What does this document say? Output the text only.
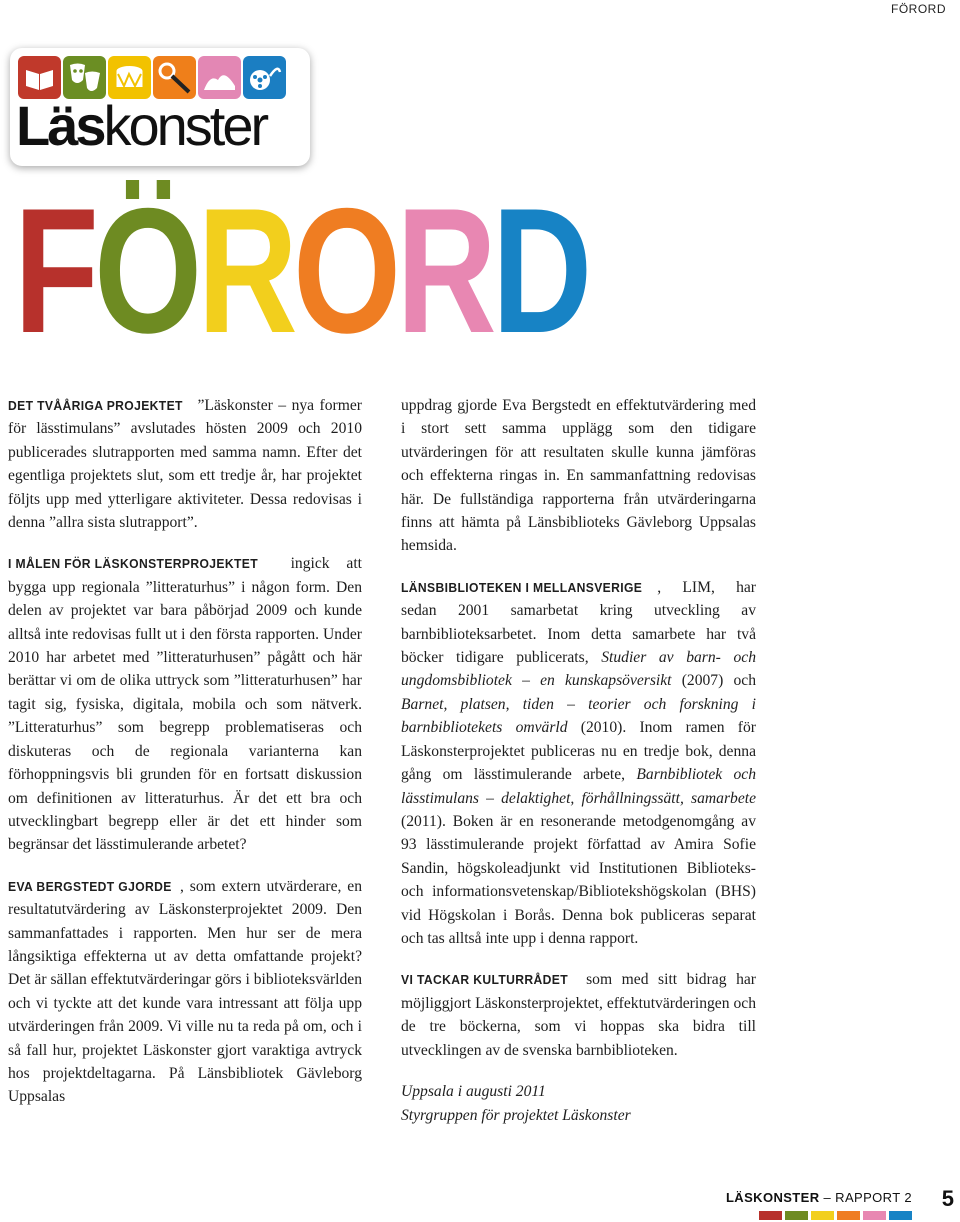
FÖRORD
Läskonster
F Ö R O R D

DET TVÅÅRIGA PROJEKTET ”Läskonster – nya former för lässtimulans” avslutades hösten 2009 och 2010 publicerades slutrapporten med samma namn. Efter det egentliga projektets slut, som ett tredje år, har projektet följts upp med ytterligare aktiviteter. Dessa redovisas i denna ”allra sista slutrapport”.

I MÅLEN FÖR LÄSKONSTERPROJEKTET ingick att bygga upp regionala ”litteraturhus” i någon form. Den delen av projektet var bara påbörjad 2009 och kunde alltså inte redovisas fullt ut i den första rapporten. Under 2010 har arbetet med ”litteraturhusen” pågått och här berättar vi om de olika uttryck som ”litteraturhusen” har tagit sig, fysiska, digitala, mobila och som nätverk. ”Litteraturhus” som begrepp problematiseras och diskuteras och de regionala varianterna kan förhoppningsvis bli grunden för en fortsatt diskussion om definitionen av litteraturhus. Är det ett bra och utvecklingbart begrepp eller är det ett hinder som begränsar det lässtimulerande arbetet?

EVA BERGSTEDT GJORDE , som extern utvärderare, en resultatutvärdering av Läskonsterprojektet 2009. Den sammanfattades i rapporten. Men hur ser de mera långsiktiga effekterna ut av detta omfattande projekt? Det är sällan effektutvärderingar görs i biblioteksvärlden och vi tyckte att det kunde vara intressant att följa upp utvärderingen från 2009. Vi ville nu ta reda på om, och i så fall hur, projektet Läskonster gjort varaktiga avtryck hos projektdeltagarna. På Länsbibliotek Gävleborg Uppsalas

uppdrag gjorde Eva Bergstedt en effektutvärdering med i stort sett samma upplägg som den tidigare utvärderingen för att resultaten skulle kunna jämföras och effekterna ringas in. En sammanfattning redovisas här. De fullständiga rapporterna från utvärderingarna finns att hämta på Länsbiblioteks Gävleborg Uppsalas hemsida.

LÄNSBIBLIOTEKEN I MELLANSVERIGE , LIM, har sedan 2001 samarbetat kring utveckling av barnbiblioteksarbetet. Inom detta samarbete har två böcker tidigare publicerats, Studier av barn- och ungdomsbibliotek – en kunskapsöversikt (2007) och Barnet, platsen, tiden – teorier och forskning i barnbibliotekets omvärld (2010). Inom ramen för Läskonsterprojektet publiceras nu en tredje bok, denna gång om lässtimulerande arbete, Barnbibliotek och lässtimulans – delaktighet, förhållningssätt, samarbete (2011). Boken är en resonerande metodgenomgång av 93 lässtimulerande projekt författad av Amira Sofie Sandin, högskoleadjunkt vid Institutionen Biblioteks- och informationsvetenskap/Bibliotekshögskolan (BHS) vid Högskolan i Borås. Denna bok publiceras separat och tas alltså inte upp i denna rapport.

VI TACKAR KULTURRÅDET som med sitt bidrag har möjliggjort Läskonsterprojektet, effektutvärderingen och de tre böckerna, som vi hoppas ska bidra till utvecklingen av de svenska barnbiblioteken.

Uppsala i augusti 2011
Styrgruppen för projektet Läskonster
LÄSKONSTER – RAPPORT 2 5
